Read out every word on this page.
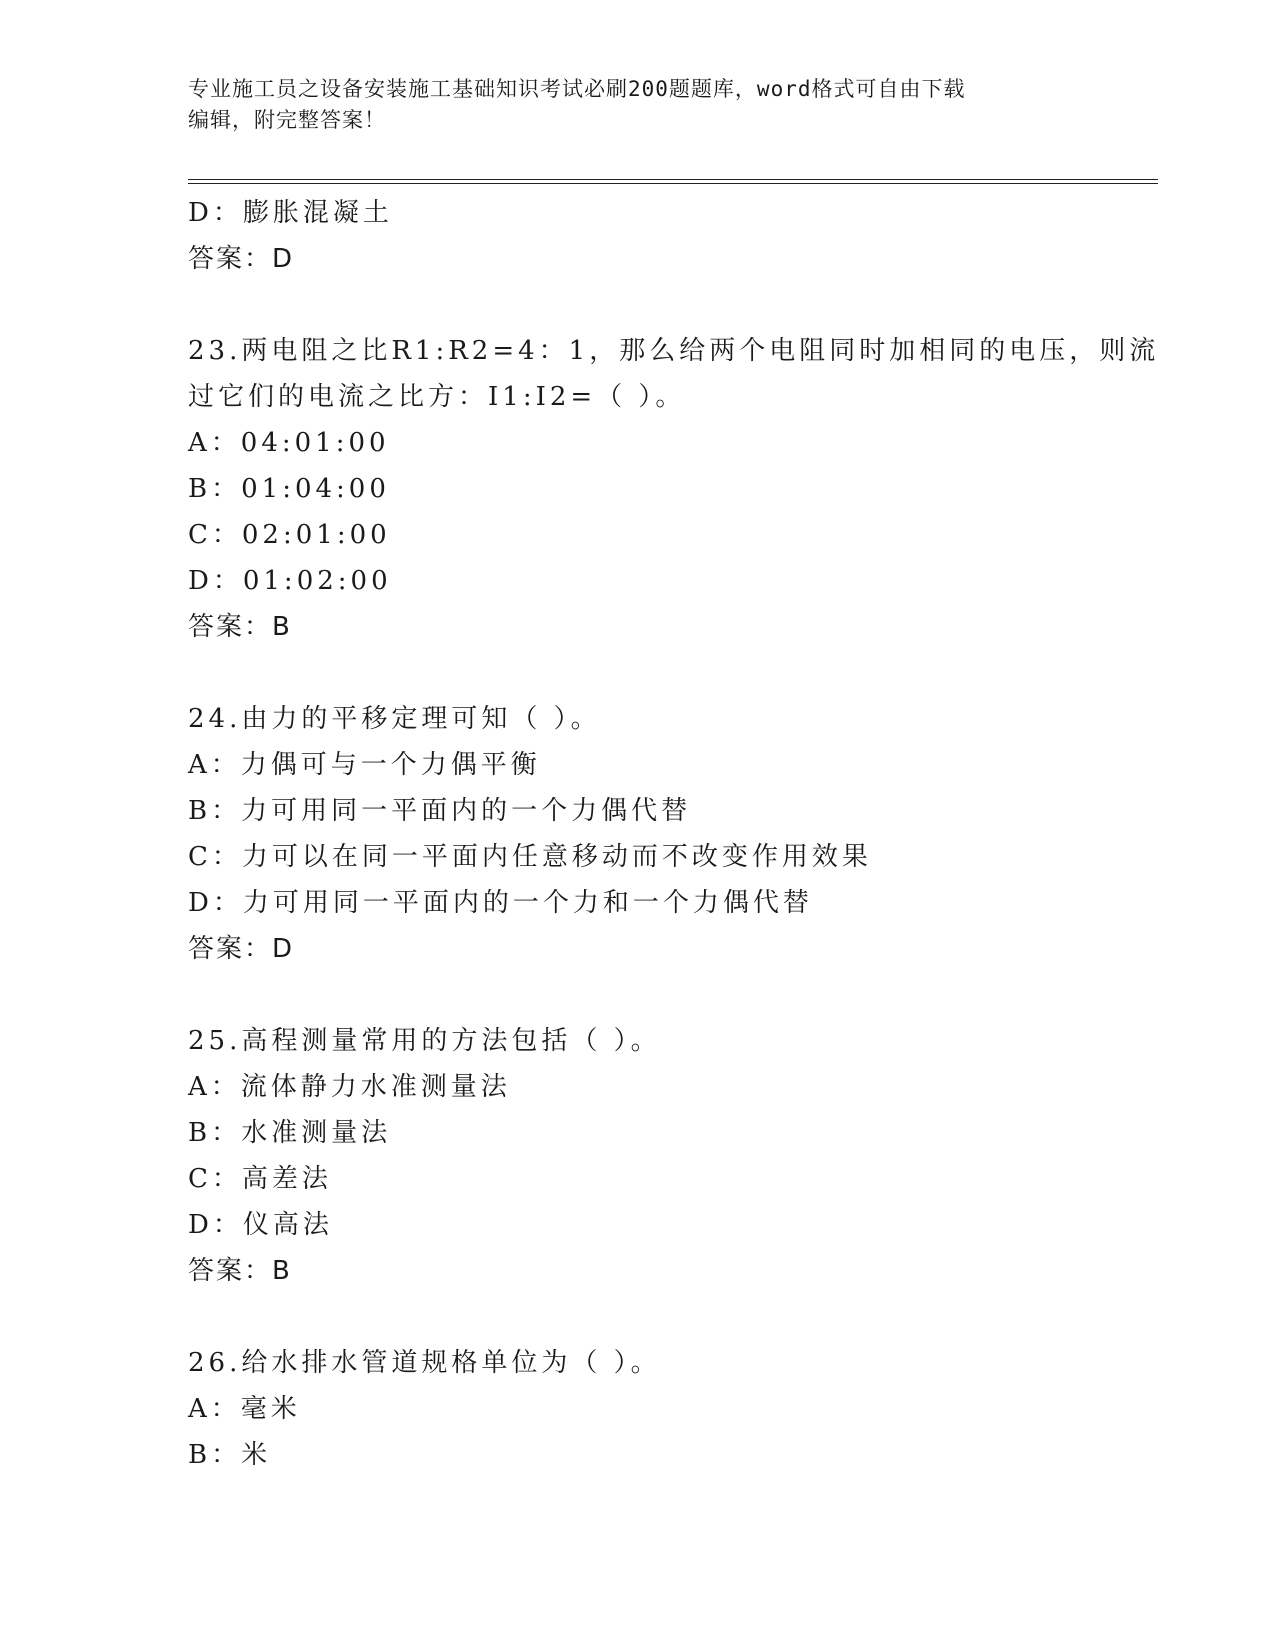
专业施工员之设备安装施工基础知识考试必刷200题题库，word格式可自由下载
编辑，附完整答案！
D：膨胀混凝土
答案：D
23.两电阻之比R1:R2=4：1，那么给两个电阻同时加相同的电压，则流
过它们的电流之比方：I1:I2=（ ）。
A：04:01:00
B：01:04:00
C：02:01:00
D：01:02:00
答案：B
24.由力的平移定理可知（ ）。
A：力偶可与一个力偶平衡
B：力可用同一平面内的一个力偶代替
C：力可以在同一平面内任意移动而不改变作用效果
D：力可用同一平面内的一个力和一个力偶代替
答案：D
25.高程测量常用的方法包括（ ）。
A：流体静力水准测量法
B：水准测量法
C：高差法
D：仪高法
答案：B
26.给水排水管道规格单位为（ ）。
A：毫米
B：米
